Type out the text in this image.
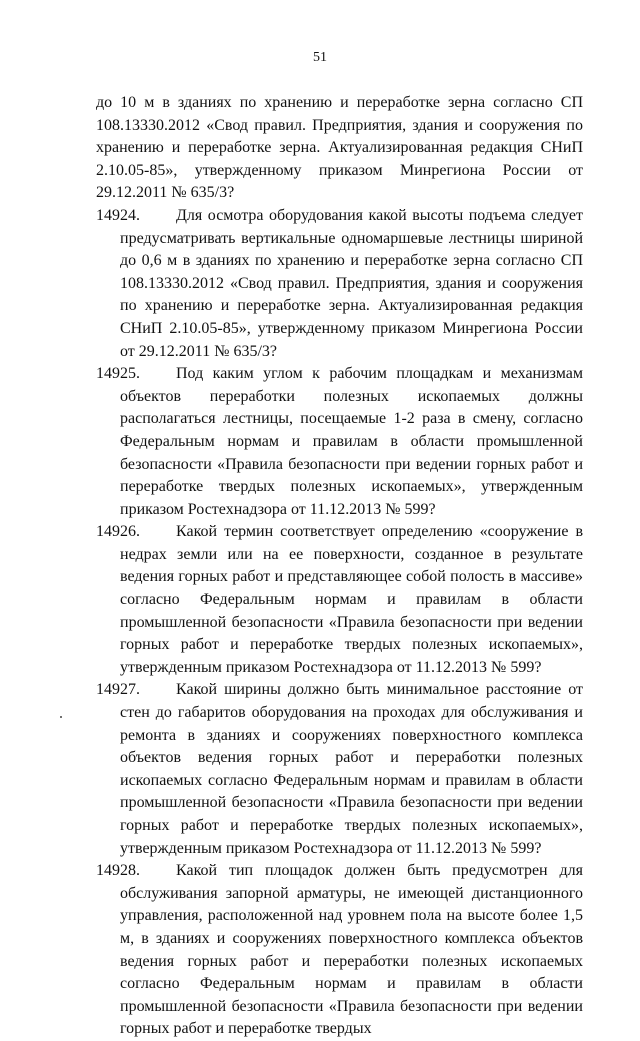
51

до 10 м в зданиях по хранению и переработке зерна согласно СП 108.13330.2012 «Свод правил. Предприятия, здания и сооружения по хранению и переработке зерна. Актуализированная редакция СНиП 2.10.05-85», утвержденному приказом Минрегиона России от 29.12.2011 № 635/3?

14924. Для осмотра оборудования какой высоты подъема следует предусматривать вертикальные одномаршевые лестницы шириной до 0,6 м в зданиях по хранению и переработке зерна согласно СП 108.13330.2012 «Свод правил. Предприятия, здания и сооружения по хранению и переработке зерна. Актуализированная редакция СНиП 2.10.05-85», утвержденному приказом Минрегиона России от 29.12.2011 № 635/3?

14925. Под каким углом к рабочим площадкам и механизмам объектов переработки полезных ископаемых должны располагаться лестницы, посещаемые 1-2 раза в смену, согласно Федеральным нормам и правилам в области промышленной безопасности «Правила безопасности при ведении горных работ и переработке твердых полезных ископаемых», утвержденным приказом Ростехнадзора от 11.12.2013 № 599?

14926. Какой термин соответствует определению «сооружение в недрах земли или на ее поверхности, созданное в результате ведения горных работ и представляющее собой полость в массиве» согласно Федеральным нормам и правилам в области промышленной безопасности «Правила безопасности при ведении горных работ и переработке твердых полезных ископаемых», утвержденным приказом Ростехнадзора от 11.12.2013 № 599?

14927. Какой ширины должно быть минимальное расстояние от стен до габаритов оборудования на проходах для обслуживания и ремонта в зданиях и сооружениях поверхностного комплекса объектов ведения горных работ и переработки полезных ископаемых согласно Федеральным нормам и правилам в области промышленной безопасности «Правила безопасности при ведении горных работ и переработке твердых полезных ископаемых», утвержденным приказом Ростехнадзора от 11.12.2013 № 599?

14928. Какой тип площадок должен быть предусмотрен для обслуживания запорной арматуры, не имеющей дистанционного управления, расположенной над уровнем пола на высоте более 1,5 м, в зданиях и сооружениях поверхностного комплекса объектов ведения горных работ и переработки полезных ископаемых согласно Федеральным нормам и правилам в области промышленной безопасности «Правила безопасности при ведении горных работ и переработке твердых
